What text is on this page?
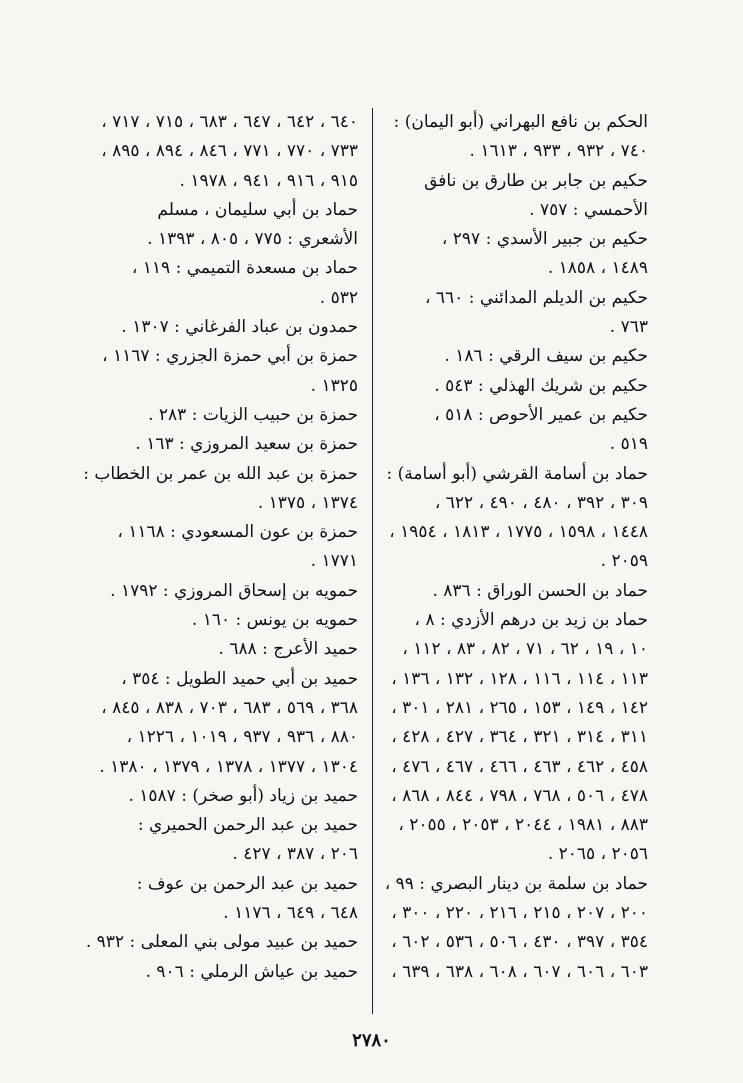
الحكم بن نافع البهراني (أبو اليمان) :
٧٤٠ ، ٩٣٢ ، ٩٣٣ ، ١٦١٣ .
حكيم بن جابر بن طارق بن نافق
الأحمسي : ٧٥٧ .
حكيم بن جبير الأسدي : ٢٩٧ ،
١٤٨٩ ، ١٨٥٨ .
حكيم بن الديلم المدائني : ٦٦٠ ،
٧٦٣ .
حكيم بن سيف الرقي : ١٨٦ .
حكيم بن شريك الهذلي : ٥٤٣ .
حكيم بن عمير الأحوص : ٥١٨ ،
٥١٩ .
حماد بن أسامة القرشي (أبو أسامة) :
٣٠٩ ، ٣٩٢ ، ٤٨٠ ، ٤٩٠ ، ٦٢٢ ،
١٤٤٨ ، ١٥٩٨ ، ١٧٧٥ ، ١٨١٣ ، ١٩٥٤ ،
٢٠٥٩ .
حماد بن الحسن الوراق : ٨٣٦ .
حماد بن زيد بن درهم الأزدي : ٨ ،
١٠ ، ١٩ ، ٦٢ ، ٧١ ، ٨٢ ، ٨٣ ، ١١٢ ،
١١٣ ، ١١٤ ، ١١٦ ، ١٢٨ ، ١٣٢ ، ١٣٦ ،
١٤٢ ، ١٤٩ ، ١٥٣ ، ٢٦٥ ، ٢٨١ ، ٣٠١ ،
٣١١ ، ٣١٤ ، ٣٢١ ، ٣٦٤ ، ٤٢٧ ، ٤٢٨ ،
٤٥٨ ، ٤٦٢ ، ٤٦٣ ، ٤٦٦ ، ٤٦٧ ، ٤٧٦ ،
٤٧٨ ، ٥٠٦ ، ٧٦٨ ، ٧٩٨ ، ٨٤٤ ، ٨٦٨ ،
٨٨٣ ، ١٩٨١ ، ٢٠٤٤ ، ٢٠٥٣ ، ٢٠٥٥ ،
٢٠٥٦ ، ٢٠٦٥ .
حماد بن سلمة بن دينار البصري : ٩٩ ،
٢٠٠ ، ٢٠٧ ، ٢١٥ ، ٢١٦ ، ٢٢٠ ، ٣٠٠ ،
٣٥٤ ، ٣٩٧ ، ٤٣٠ ، ٥٠٦ ، ٥٣٦ ، ٦٠٢ ،
٦٠٣ ، ٦٠٦ ، ٦٠٧ ، ٦٠٨ ، ٦٣٨ ، ٦٣٩ ،
٦٤٠ ، ٦٤٢ ، ٦٤٧ ، ٦٨٣ ، ٧١٥ ، ٧١٧ ،
٧٣٣ ، ٧٧٠ ، ٧٧١ ، ٨٤٦ ، ٨٩٤ ، ٨٩٥ ،
٩١٥ ، ٩١٦ ، ٩٤١ ، ١٩٧٨ .
حماد بن أبي سليمان ، مسلم
الأشعري : ٧٧٥ ، ٨٠٥ ، ١٣٩٣ .
حماد بن مسعدة التميمي : ١١٩ ،
٥٣٢ .
حمدون بن عباد الفرغاني : ١٣٠٧ .
حمزة بن أبي حمزة الجزري : ١١٦٧ ،
١٣٢٥ .
حمزة بن حبيب الزيات : ٢٨٣ .
حمزة بن سعيد المروزي : ١٦٣ .
حمزة بن عبد الله بن عمر بن الخطاب :
١٣٧٤ ، ١٣٧٥ .
حمزة بن عون المسعودي : ١١٦٨ ،
١٧٧١ .
حمويه بن إسحاق المروزي : ١٧٩٢ .
حمويه بن يونس : ١٦٠ .
حميد الأعرج : ٦٨٨ .
حميد بن أبي حميد الطويل : ٣٥٤ ،
٣٦٨ ، ٥٦٩ ، ٦٨٣ ، ٧٠٣ ، ٨٣٨ ، ٨٤٥ ،
٨٨٠ ، ٩٣٦ ، ٩٣٧ ، ١٠١٩ ، ١٢٢٦ ،
١٣٠٤ ، ١٣٧٧ ، ١٣٧٨ ، ١٣٧٩ ، ١٣٨٠ .
حميد بن زياد (أبو صخر) : ١٥٨٧ .
حميد بن عبد الرحمن الحميري :
٢٠٦ ، ٣٨٧ ، ٤٢٧ .
حميد بن عبد الرحمن بن عوف :
٦٤٨ ، ٦٤٩ ، ١١٧٦ .
حميد بن عبيد مولى بني المعلى : ٩٣٢ .
حميد بن عياش الرملي : ٩٠٦ .
٢٧٨٠
